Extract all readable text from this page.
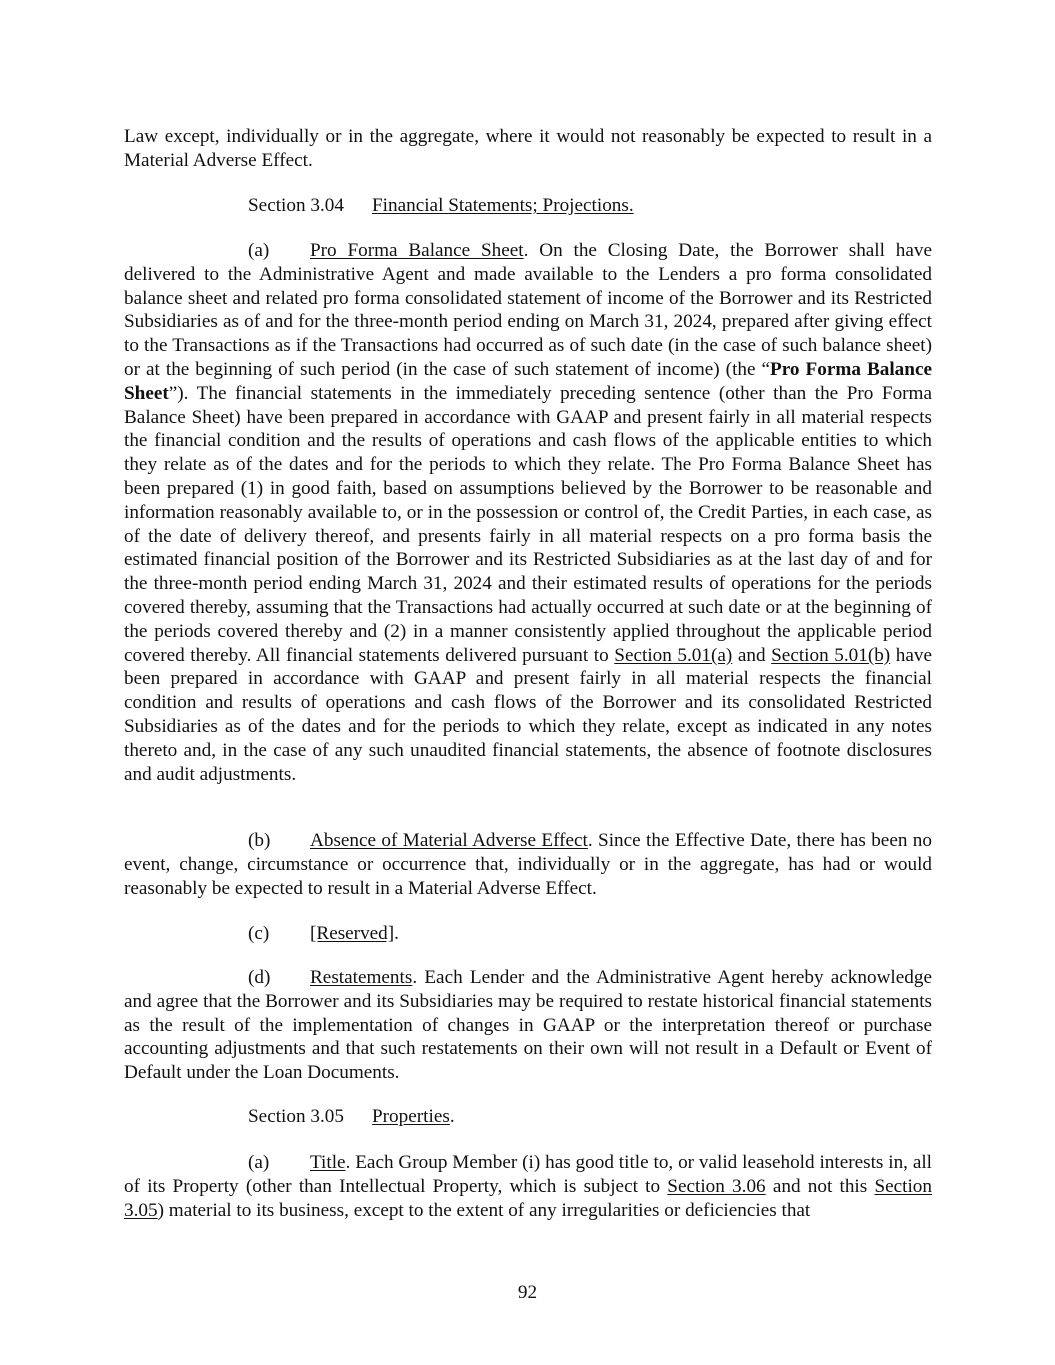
Law except, individually or in the aggregate, where it would not reasonably be expected to result in a Material Adverse Effect.

Section 3.04 Financial Statements; Projections.

(a) Pro Forma Balance Sheet. On the Closing Date, the Borrower shall have delivered to the Administrative Agent and made available to the Lenders a pro forma consolidated balance sheet and related pro forma consolidated statement of income of the Borrower and its Restricted Subsidiaries as of and for the three-month period ending on March 31, 2024, prepared after giving effect to the Transactions as if the Transactions had occurred as of such date (in the case of such balance sheet) or at the beginning of such period (in the case of such statement of income) (the “Pro Forma Balance Sheet”). The financial statements in the immediately preceding sentence (other than the Pro Forma Balance Sheet) have been prepared in accordance with GAAP and present fairly in all material respects the financial condition and the results of operations and cash flows of the applicable entities to which they relate as of the dates and for the periods to which they relate. The Pro Forma Balance Sheet has been prepared (1) in good faith, based on assumptions believed by the Borrower to be reasonable and information reasonably available to, or in the possession or control of, the Credit Parties, in each case, as of the date of delivery thereof, and presents fairly in all material respects on a pro forma basis the estimated financial position of the Borrower and its Restricted Subsidiaries as at the last day of and for the three-month period ending March 31, 2024 and their estimated results of operations for the periods covered thereby, assuming that the Transactions had actually occurred at such date or at the beginning of the periods covered thereby and (2) in a manner consistently applied throughout the applicable period covered thereby. All financial statements delivered pursuant to Section 5.01(a) and Section 5.01(b) have been prepared in accordance with GAAP and present fairly in all material respects the financial condition and results of operations and cash flows of the Borrower and its consolidated Restricted Subsidiaries as of the dates and for the periods to which they relate, except as indicated in any notes thereto and, in the case of any such unaudited financial statements, the absence of footnote disclosures and audit adjustments.

(b) Absence of Material Adverse Effect. Since the Effective Date, there has been no event, change, circumstance or occurrence that, individually or in the aggregate, has had or would reasonably be expected to result in a Material Adverse Effect.

(c) [Reserved].

(d) Restatements. Each Lender and the Administrative Agent hereby acknowledge and agree that the Borrower and its Subsidiaries may be required to restate historical financial statements as the result of the implementation of changes in GAAP or the interpretation thereof or purchase accounting adjustments and that such restatements on their own will not result in a Default or Event of Default under the Loan Documents.

Section 3.05 Properties.

(a) Title. Each Group Member (i) has good title to, or valid leasehold interests in, all of its Property (other than Intellectual Property, which is subject to Section 3.06 and not this Section 3.05) material to its business, except to the extent of any irregularities or deficiencies that

92
